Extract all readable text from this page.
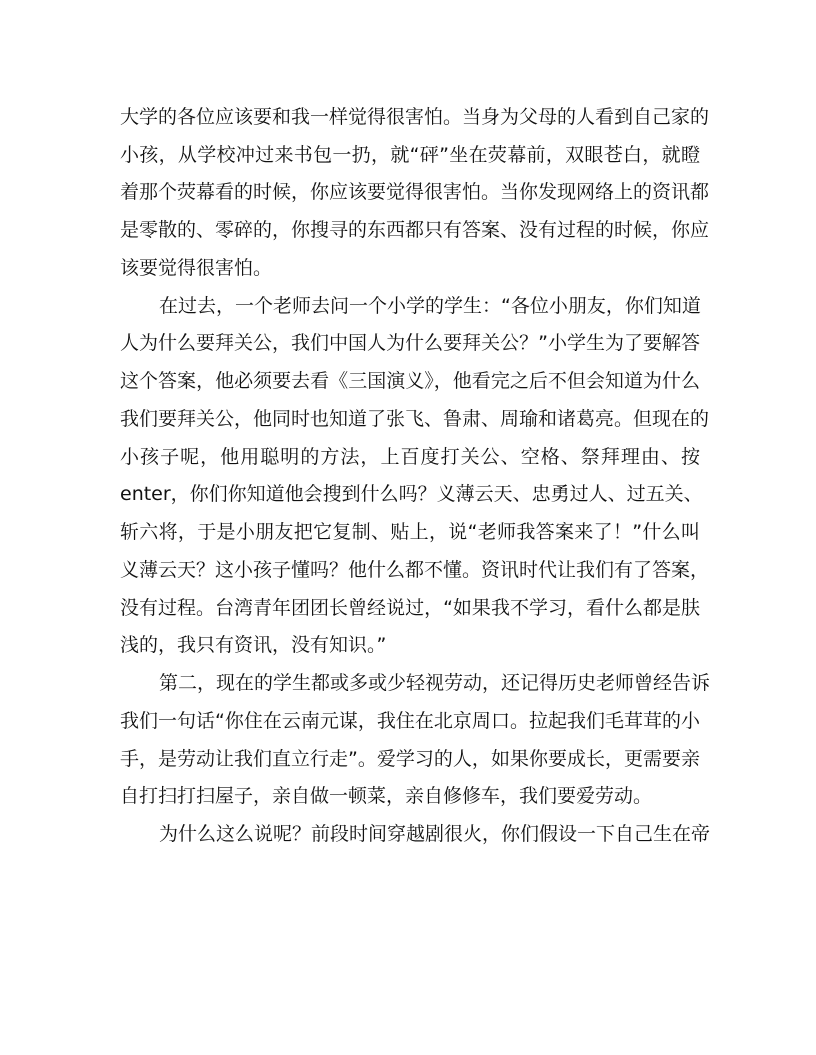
大学的各位应该要和我一样觉得很害怕。当身为父母的人看到自己家的
小孩，从学校冲过来书包一扔，就“砰”坐在荧幕前，双眼苍白，就瞪
着那个荧幕看的时候，你应该要觉得很害怕。当你发现网络上的资讯都
是零散的、零碎的，你搜寻的东西都只有答案、没有过程的时候，你应
该要觉得很害怕。
在过去，一个老师去问一个小学的学生：“各位小朋友，你们知道
人为什么要拜关公，我们中国人为什么要拜关公？”小学生为了要解答
这个答案，他必须要去看《三国演义》，他看完之后不但会知道为什么
我们要拜关公，他同时也知道了张飞、鲁肃、周瑜和诸葛亮。但现在的
小孩子呢，他用聪明的方法，上百度打关公、空格、祭拜理由、按
enter，你们你知道他会搜到什么吗？义薄云天、忠勇过人、过五关、
斩六将，于是小朋友把它复制、贴上，说“老师我答案来了！”什么叫
义薄云天？这小孩子懂吗？他什么都不懂。资讯时代让我们有了答案，
没有过程。台湾青年团团长曾经说过，“如果我不学习，看什么都是肤
浅的，我只有资讯，没有知识。”
第二，现在的学生都或多或少轻视劳动，还记得历史老师曾经告诉
我们一句话“你住在云南元谋，我住在北京周口。拉起我们毛茸茸的小
手，是劳动让我们直立行走”。爱学习的人，如果你要成长，更需要亲
自打扫打扫屋子，亲自做一顿菜，亲自修修车，我们要爱劳动。
为什么这么说呢？前段时间穿越剧很火，你们假设一下自己生在帝
